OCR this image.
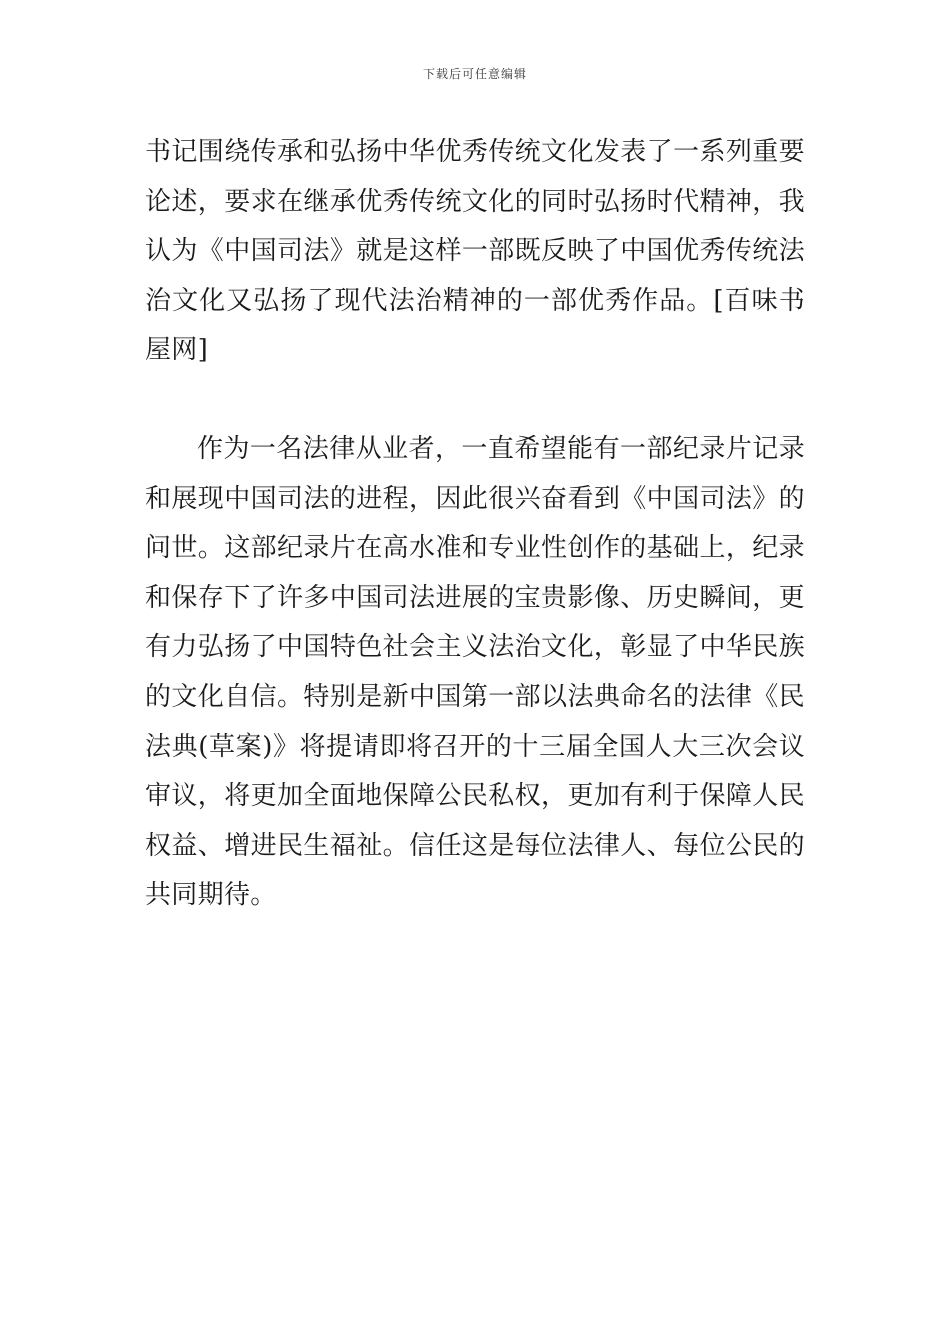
下载后可任意编辑

书记围绕传承和弘扬中华优秀传统文化发表了一系列重要论述，要求在继承优秀传统文化的同时弘扬时代精神，我认为《中国司法》就是这样一部既反映了中国优秀传统法治文化又弘扬了现代法治精神的一部优秀作品。[百味书屋网]

作为一名法律从业者，一直希望能有一部纪录片记录和展现中国司法的进程，因此很兴奋看到《中国司法》的问世。这部纪录片在高水准和专业性创作的基础上，纪录和保存下了许多中国司法进展的宝贵影像、历史瞬间，更有力弘扬了中国特色社会主义法治文化，彰显了中华民族的文化自信。特别是新中国第一部以法典命名的法律《民法典(草案)》将提请即将召开的十三届全国人大三次会议审议，将更加全面地保障公民私权，更加有利于保障人民权益、增进民生福祉。信任这是每位法律人、每位公民的共同期待。
